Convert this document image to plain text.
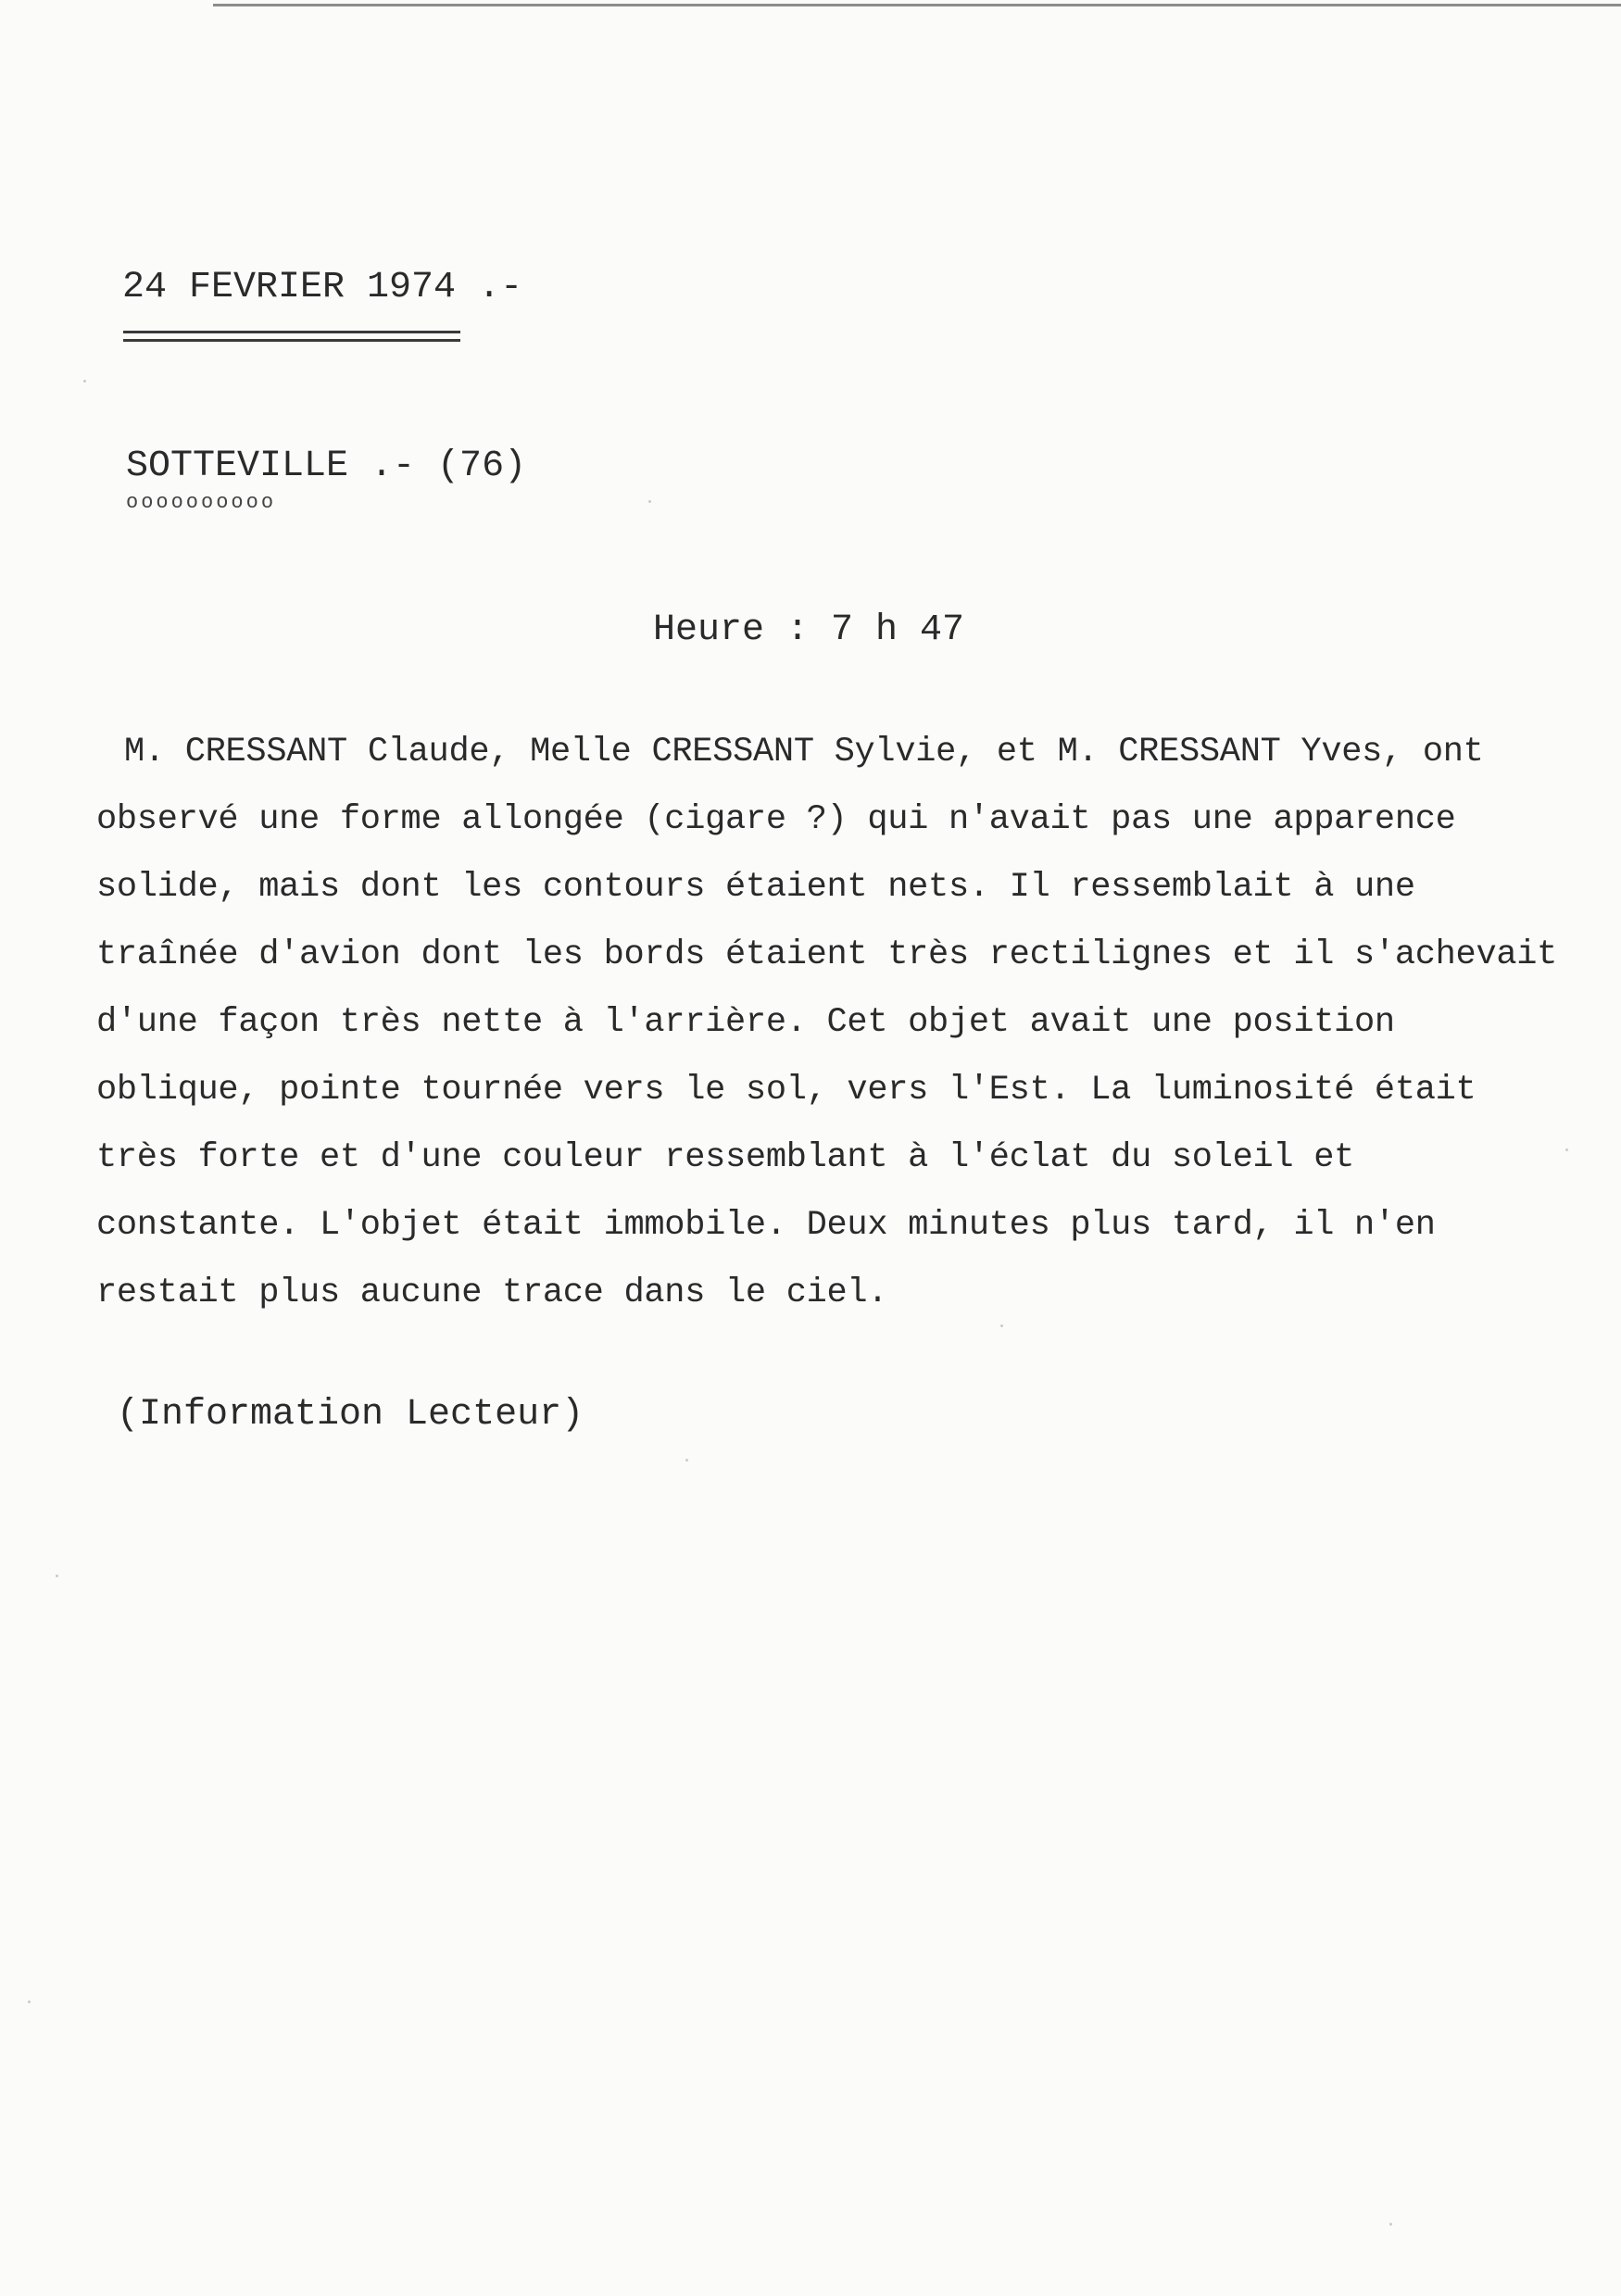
24 FEVRIER 1974 .-
SOTTEVILLE .- (76)
oooooooooo
Heure : 7 h 47
M. CRESSANT Claude, Melle CRESSANT Sylvie, et M. CRESSANT Yves, ont
observé une forme allongée (cigare ?) qui n'avait pas une apparence
solide, mais dont les contours étaient nets. Il ressemblait à une
traînée d'avion dont les bords étaient très rectilignes et il s'achevait
d'une façon très nette à l'arrière. Cet objet avait une position
oblique, pointe tournée vers le sol, vers l'Est. La luminosité était
très forte et d'une couleur ressemblant à l'éclat du soleil et
constante. L'objet était immobile. Deux minutes plus tard, il n'en
restait plus aucune trace dans le ciel.
(Information Lecteur)
